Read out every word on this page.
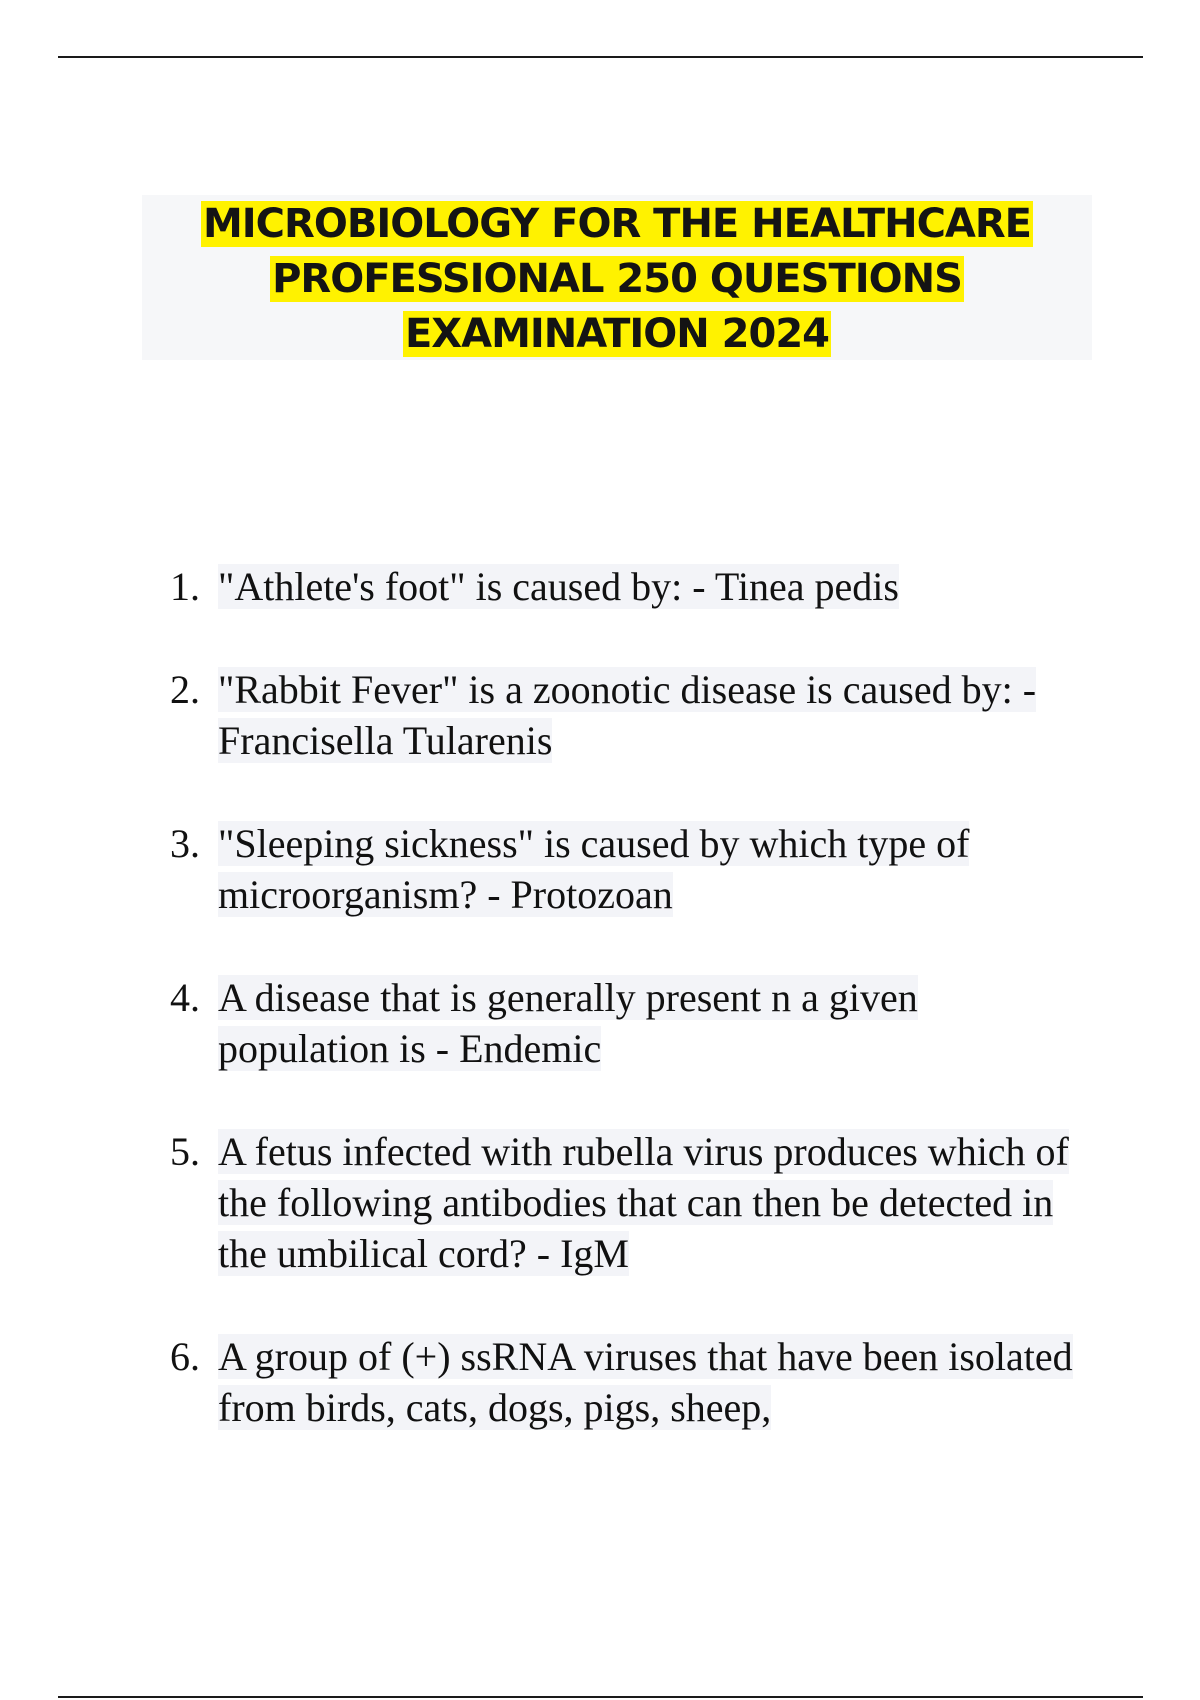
MICROBIOLOGY FOR THE HEALTHCARE
PROFESSIONAL 250 QUESTIONS
EXAMINATION 2024
1. "Athlete's foot" is caused by: - Tinea pedis
2. "Rabbit Fever" is a zoonotic disease is caused by: - Francisella Tularenis
3. "Sleeping sickness" is caused by which type of microorganism? - Protozoan
4. A disease that is generally present n a given population is - Endemic
5. A fetus infected with rubella virus produces which of the following antibodies that can then be detected in the umbilical cord? - IgM
6. A group of (+) ssRNA viruses that have been isolated from birds, cats, dogs, pigs, sheep,
